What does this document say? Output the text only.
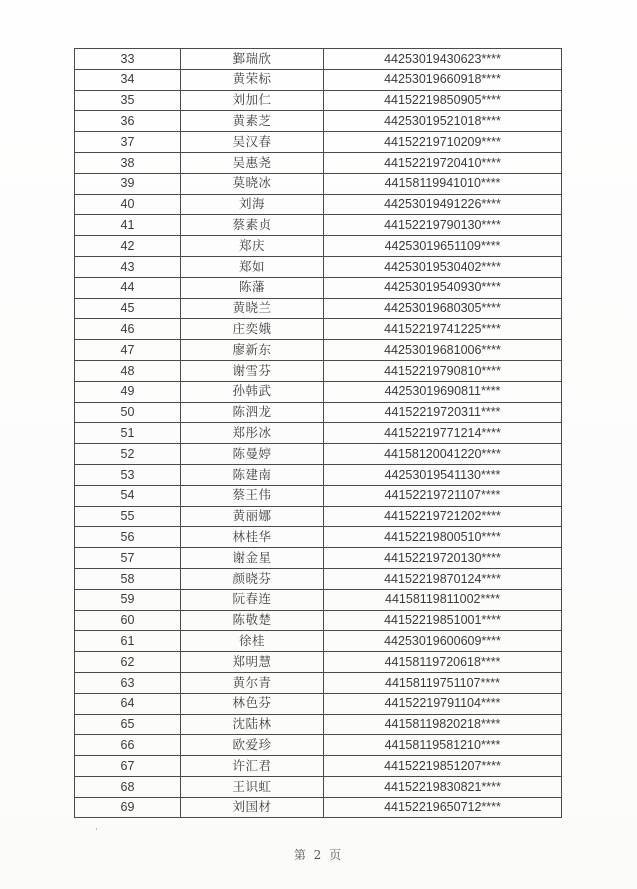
33	鄞瑞欣	44253019430623****
34	黄荣标	44253019660918****
35	刘加仁	44152219850905****
36	黄素芝	44253019521018****
37	吴汉春	44152219710209****
38	吴惠尧	44152219720410****
39	莫晓冰	44158119941010****
40	刘海	44253019491226****
41	蔡素贞	44152219790130****
42	郑庆	44253019651109****
43	郑如	44253019530402****
44	陈藩	44253019540930****
45	黄晓兰	44253019680305****
46	庄奕娥	44152219741225****
47	廖新东	44253019681006****
48	谢雪芬	44152219790810****
49	孙韩武	44253019690811****
50	陈泗龙	44152219720311****
51	郑彤冰	44152219771214****
52	陈曼婷	44158120041220****
53	陈建南	44253019541130****
54	蔡王伟	44152219721107****
55	黄丽娜	44152219721202****
56	林桂华	44152219800510****
57	谢金星	44152219720130****
58	颜晓芬	44152219870124****
59	阮春连	44158119811002****
60	陈敬楚	44152219851001****
61	徐桂	44253019600609****
62	郑明慧	44158119720618****
63	黄尔青	44158119751107****
64	林色芬	44152219791104****
65	沈陆林	44158119820218****
66	欧爱珍	44158119581210****
67	许汇君	44152219851207****
68	王识虹	44152219830821****
69	刘国材	44152219650712****
第 2 页
